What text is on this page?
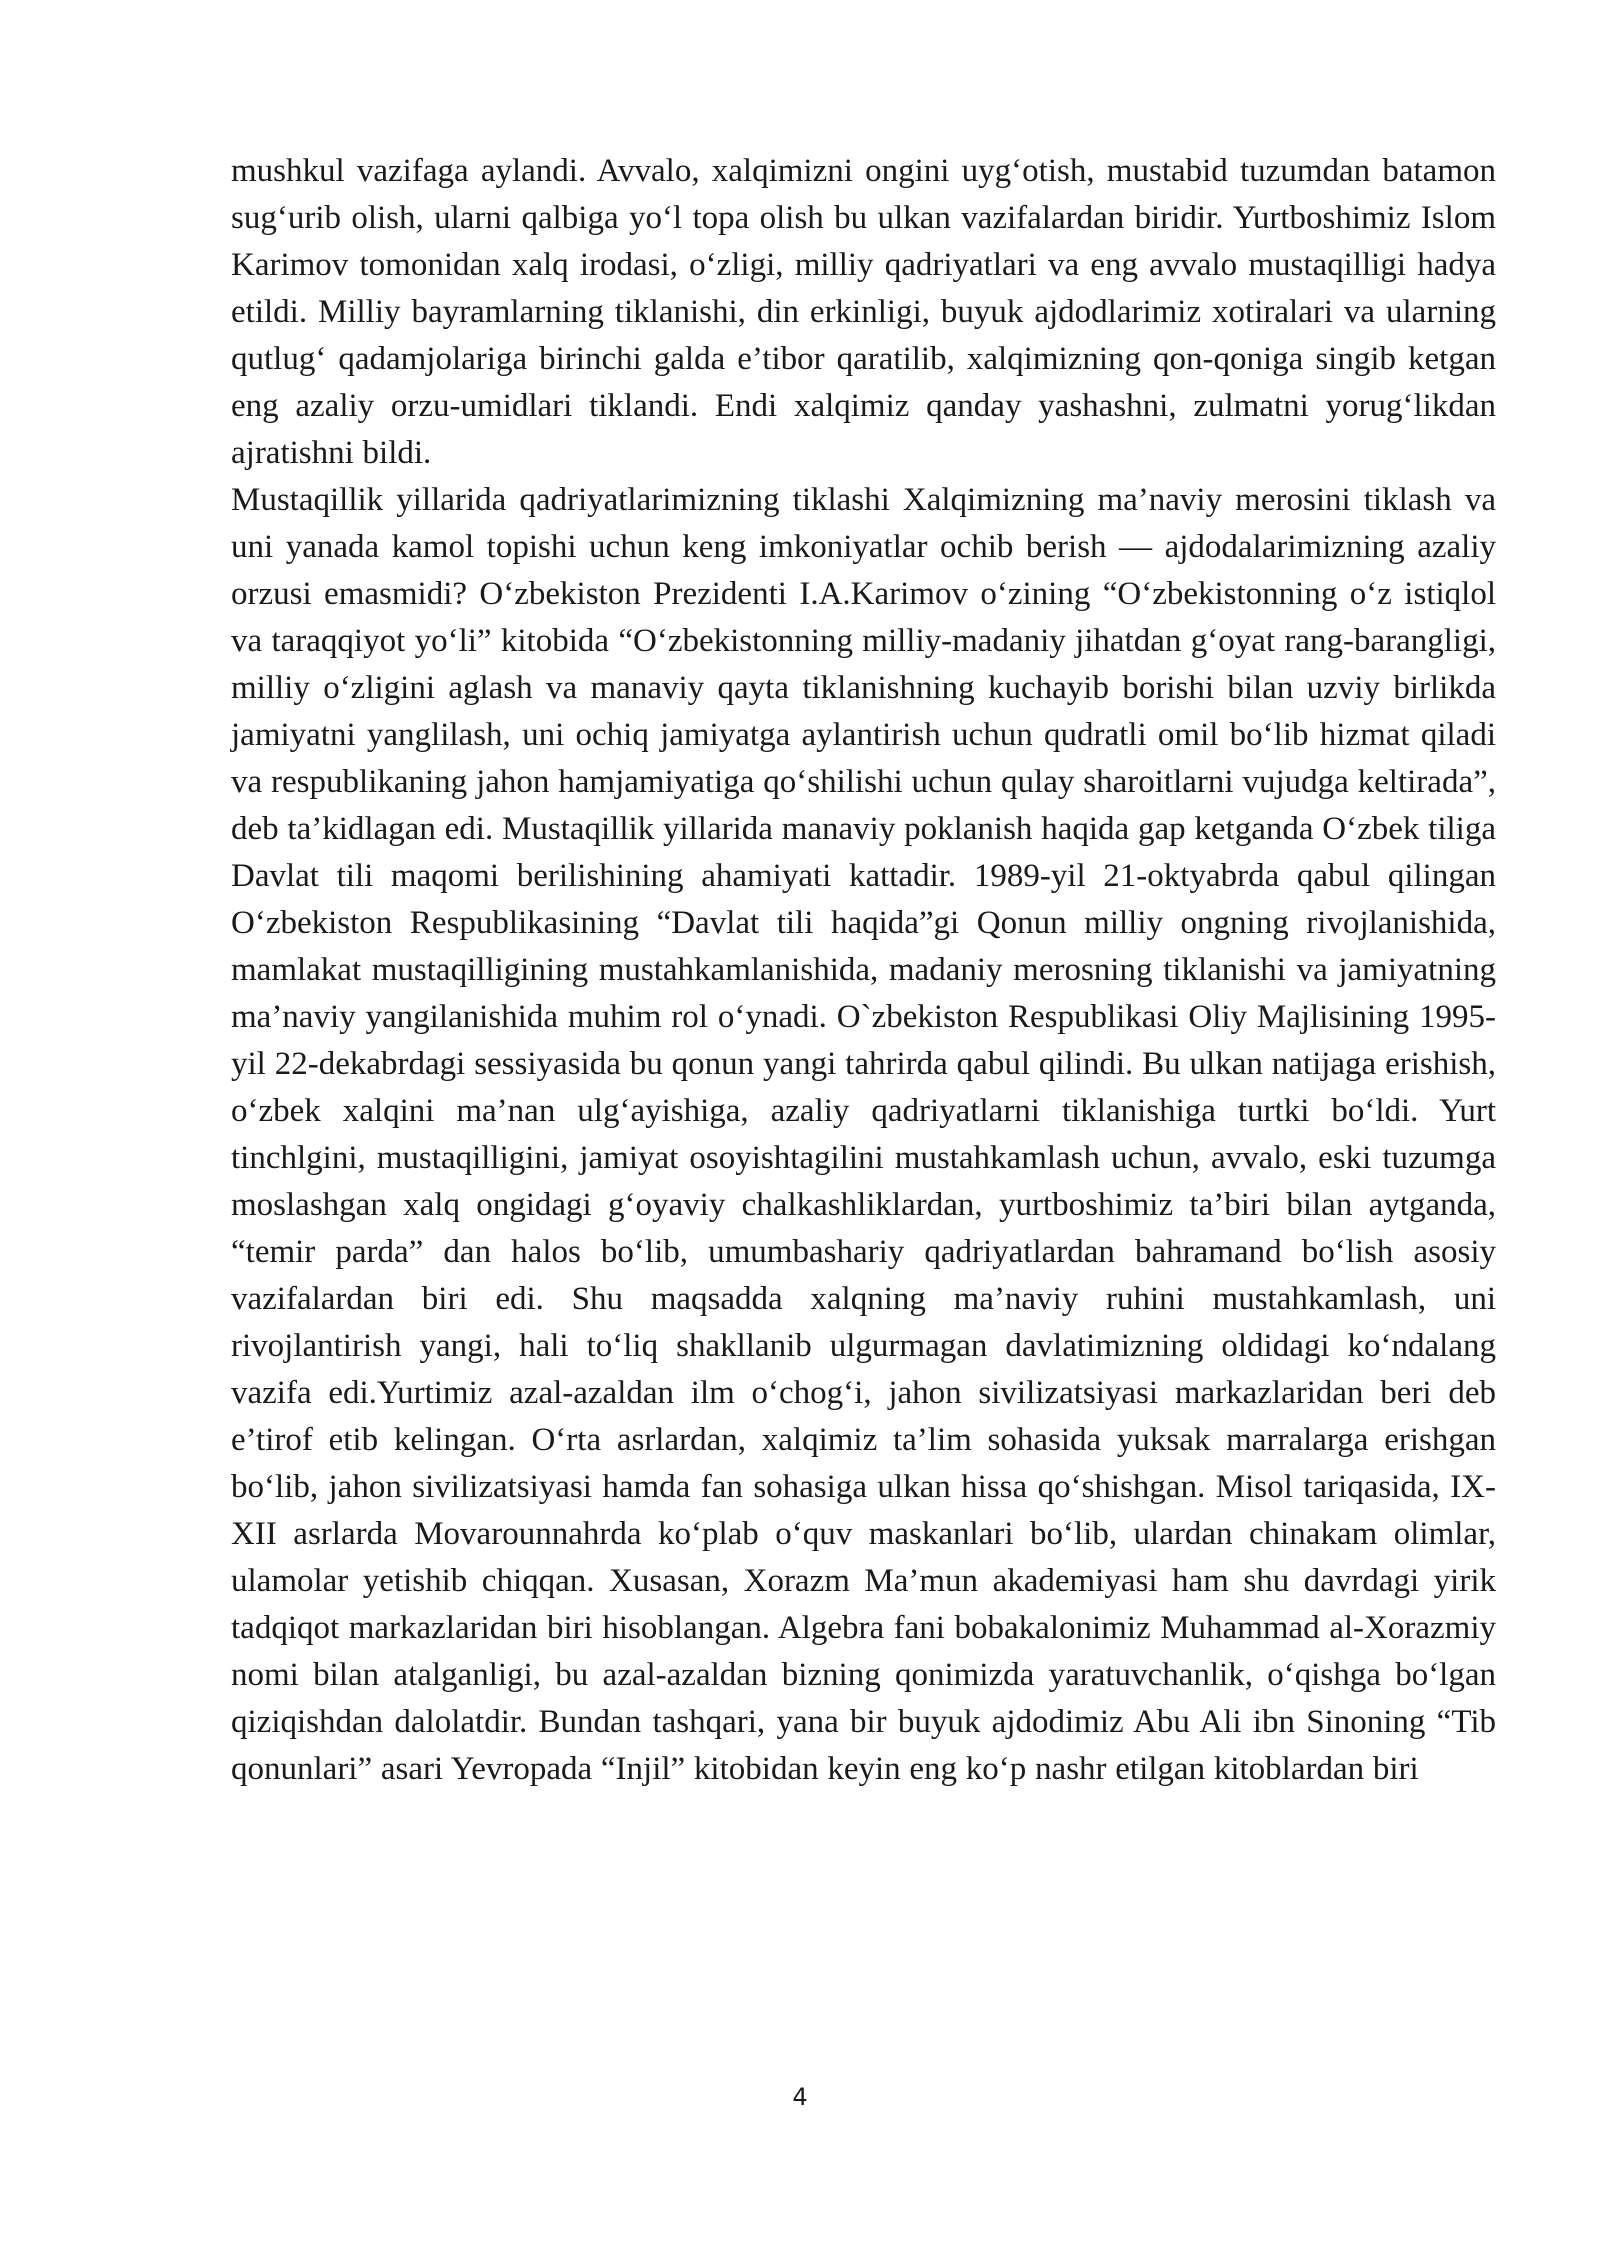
mushkul vazifaga aylandi. Avvalo, xalqimizni ongini uyg‘otish, mustabid tuzumdan batamon sug‘urib olish, ularni qalbiga yo‘l topa olish bu ulkan vazifalardan biridir. Yurtboshimiz Islom Karimov tomonidan xalq irodasi, o‘zligi, milliy qadriyatlari va eng avvalo mustaqilligi hadya etildi. Milliy bayramlarning tiklanishi, din erkinligi, buyuk ajdodlarimiz xotiralari va ularning qutlug‘ qadamjolariga birinchi galda e’tibor qaratilib, xalqimizning qon-qoniga singib ketgan eng azaliy orzu-umidlari tiklandi. Endi xalqimiz qanday yashashni, zulmatni yorug‘likdan ajratishni bildi.

Mustaqillik yillarida qadriyatlarimizning tiklashi Xalqimizning ma’naviy merosini tiklash va uni yanada kamol topishi uchun keng imkoniyatlar ochib berish — ajdodalarimizning azaliy orzusi emasmidi? O‘zbekiston Prezidenti I.A.Karimov o‘zining “O‘zbekistonning o‘z istiqlol va taraqqiyot yo‘li” kitobida “O‘zbekistonning milliy-madaniy jihatdan g‘oyat rang-barangligi, milliy o‘zligini aglash va manaviy qayta tiklanishning kuchayib borishi bilan uzviy birlikda jamiyatni yanglilash, uni ochiq jamiyatga aylantirish uchun qudratli omil bo‘lib hizmat qiladi va respublikaning jahon hamjamiyatiga qo‘shilishi uchun qulay sharoitlarni vujudga keltirada”, deb ta’kidlagan edi. Mustaqillik yillarida manaviy poklanish haqida gap ketganda O‘zbek tiliga Davlat tili maqomi berilishining ahamiyati kattadir. 1989-yil 21-oktyabrda qabul qilingan O‘zbekiston Respublikasining “Davlat tili haqida”gi Qonun milliy ongning rivojlanishida, mamlakat mustaqilligining mustahkamlanishida, madaniy merosning tiklanishi va jamiyatning ma’naviy yangilanishida muhim rol o‘ynadi. O`zbekiston Respublikasi Oliy Majlisining 1995-yil 22-dekabrdagi sessiyasida bu qonun yangi tahrirda qabul qilindi. Bu ulkan natijaga erishish, o‘zbek xalqini ma’nan ulg‘ayishiga, azaliy qadriyatlarni tiklanishiga turtki bo‘ldi. Yurt tinchlgini, mustaqilligini, jamiyat osoyishtagilini mustahkamlash uchun, avvalo, eski tuzumga moslashgan xalq ongidagi g‘oyaviy chalkashliklardan, yurtboshimiz ta’biri bilan aytganda, “temir parda” dan halos bo‘lib, umumbashariy qadriyatlardan bahramand bo‘lish asosiy vazifalardan biri edi. Shu maqsadda xalqning ma’naviy ruhini mustahkamlash, uni rivojlantirish yangi, hali to‘liq shakllanib ulgurmagan davlatimizning oldidagi ko‘ndalang vazifa edi.Yurtimiz azal-azaldan ilm o‘chog‘i, jahon sivilizatsiyasi markazlaridan beri deb e’tirof etib kelingan. O‘rta asrlardan, xalqimiz ta’lim sohasida yuksak marralarga erishgan bo‘lib, jahon sivilizatsiyasi hamda fan sohasiga ulkan hissa qo‘shishgan. Misol tariqasida, IX-XII asrlarda Movarounnahrda ko‘plab o‘quv maskanlari bo‘lib, ulardan chinakam olimlar, ulamolar yetishib chiqqan. Xusasan, Xorazm Ma’mun akademiyasi ham shu davrdagi yirik tadqiqot markazlaridan biri hisoblangan. Algebra fani bobakalonimiz Muhammad al-Xorazmiy nomi bilan atalganligi, bu azal-azaldan bizning qonimizda yaratuvchanlik, o‘qishga bo‘lgan qiziqishdan dalolatdir. Bundan tashqari, yana bir buyuk ajdodimiz Abu Ali ibn Sinoning “Tib qonunlari” asari Yevropada “Injil” kitobidan keyin eng ko‘p nashr etilgan kitoblardan biri

4
